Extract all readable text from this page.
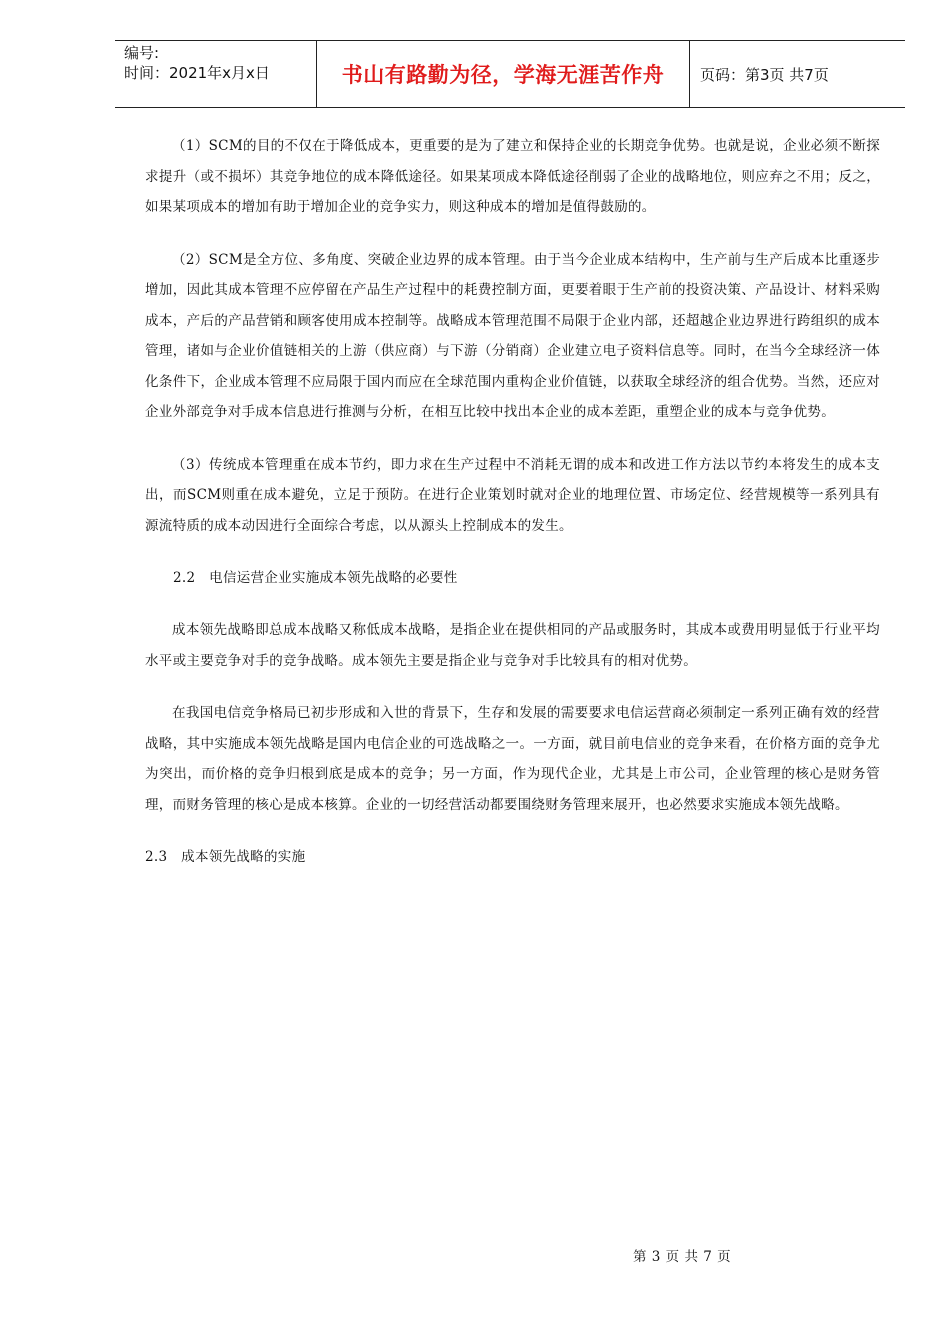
编号:
时间：2021年x月x日	书山有路勤为径，学海无涯苦作舟 页码：第3页 共7页

（1）SCM的目的不仅在于降低成本，更重要的是为了建立和保持企业的长期竞争优势。也就是说，企业必须不断探求提升（或不损坏）其竞争地位的成本降低途径。如果某项成本降低途径削弱了企业的战略地位，则应弃之不用；反之，如果某项成本的增加有助于增加企业的竞争实力，则这种成本的增加是值得鼓励的。

（2）SCM是全方位、多角度、突破企业边界的成本管理。由于当今企业成本结构中，生产前与生产后成本比重逐步增加，因此其成本管理不应停留在产品生产过程中的耗费控制方面，更要着眼于生产前的投资决策、产品设计、材料采购成本，产后的产品营销和顾客使用成本控制等。战略成本管理范围不局限于企业内部，还超越企业边界进行跨组织的成本管理，诸如与企业价值链相关的上游（供应商）与下游（分销商）企业建立电子资料信息等。同时，在当今全球经济一体化条件下，企业成本管理不应局限于国内而应在全球范围内重构企业价值链，以获取全球经济的组合优势。当然，还应对企业外部竞争对手成本信息进行推测与分析，在相互比较中找出本企业的成本差距，重塑企业的成本与竞争优势。

（3）传统成本管理重在成本节约，即力求在生产过程中不消耗无谓的成本和改进工作方法以节约本将发生的成本支出，而SCM则重在成本避免，立足于预防。在进行企业策划时就对企业的地理位置、市场定位、经营规模等一系列具有源流特质的成本动因进行全面综合考虑，以从源头上控制成本的发生。

2.2　电信运营企业实施成本领先战略的必要性

成本领先战略即总成本战略又称低成本战略，是指企业在提供相同的产品或服务时，其成本或费用明显低于行业平均水平或主要竞争对手的竞争战略。成本领先主要是指企业与竞争对手比较具有的相对优势。

在我国电信竞争格局已初步形成和入世的背景下，生存和发展的需要要求电信运营商必须制定一系列正确有效的经营战略，其中实施成本领先战略是国内电信企业的可选战略之一。一方面，就目前电信业的竞争来看，在价格方面的竞争尤为突出，而价格的竞争归根到底是成本的竞争；另一方面，作为现代企业，尤其是上市公司，企业管理的核心是财务管理，而财务管理的核心是成本核算。企业的一切经营活动都要围绕财务管理来展开，也必然要求实施成本领先战略。

2.3　成本领先战略的实施
第 3 页 共 7 页
